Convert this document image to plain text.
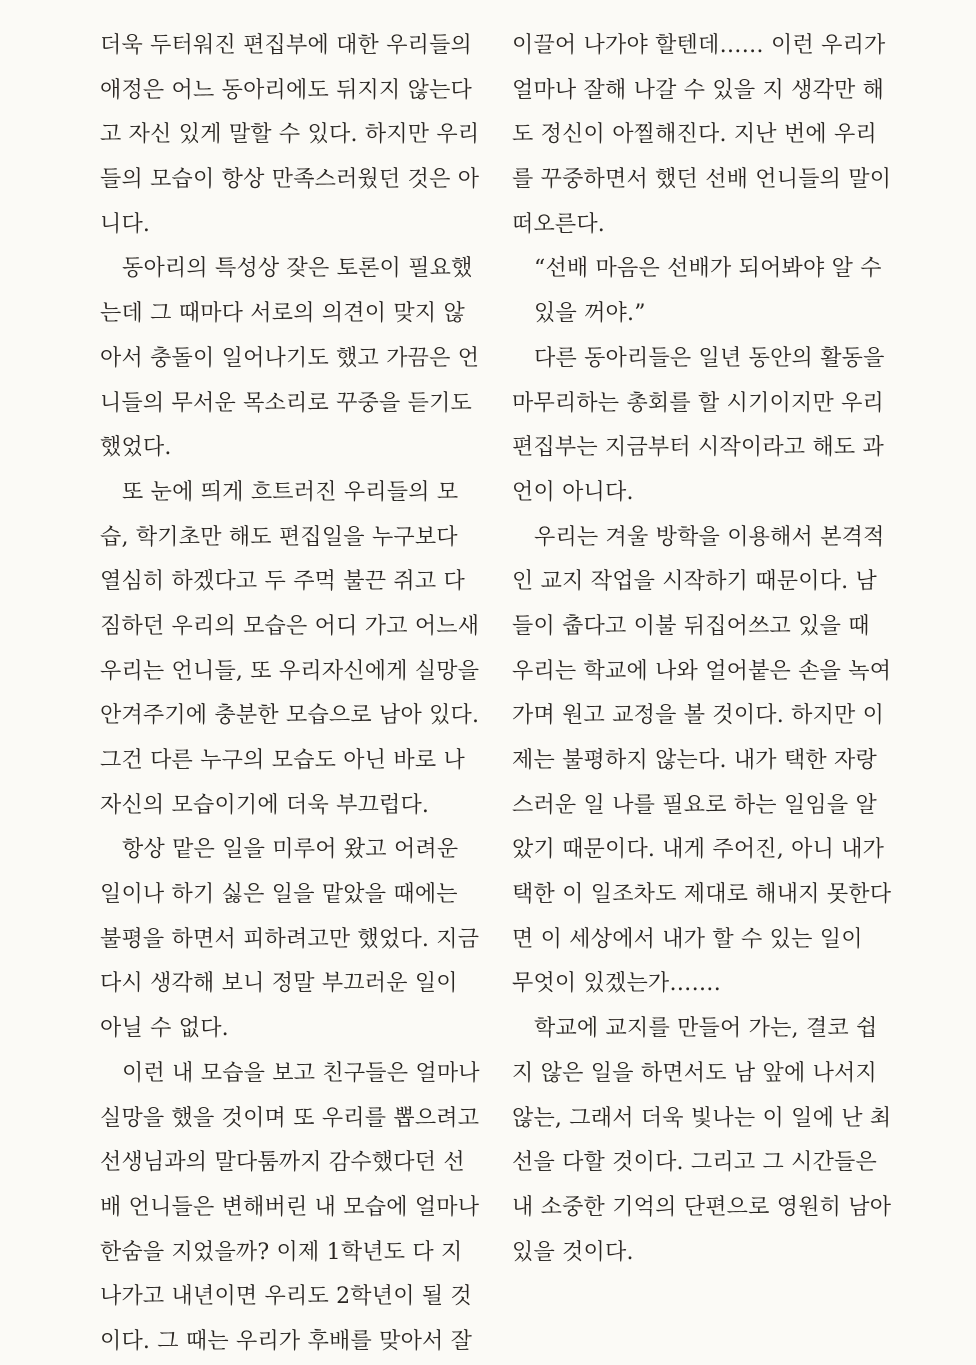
더욱 두터워진 편집부에 대한 우리들의
애정은 어느 동아리에도 뒤지지 않는다
고 자신 있게 말할 수 있다. 하지만 우리
들의 모습이 항상 만족스러웠던 것은 아
니다.
동아리의 특성상 잦은 토론이 필요했
는데 그 때마다 서로의 의견이 맞지 않
아서 충돌이 일어나기도 했고 가끔은 언
니들의 무서운 목소리로 꾸중을 듣기도
했었다.
또 눈에 띄게 흐트러진 우리들의 모
습, 학기초만 해도 편집일을 누구보다
열심히 하겠다고 두 주먹 불끈 쥐고 다
짐하던 우리의 모습은 어디 가고 어느새
우리는 언니들, 또 우리자신에게 실망을
안겨주기에 충분한 모습으로 남아 있다.
그건 다른 누구의 모습도 아닌 바로 나
자신의 모습이기에 더욱 부끄럽다.
항상 맡은 일을 미루어 왔고 어려운
일이나 하기 싫은 일을 맡았을 때에는
불평을 하면서 피하려고만 했었다. 지금
다시 생각해 보니 정말 부끄러운 일이
아닐 수 없다.
이런 내 모습을 보고 친구들은 얼마나
실망을 했을 것이며 또 우리를 뽑으려고
선생님과의 말다툼까지 감수했다던 선
배 언니들은 변해버린 내 모습에 얼마나
한숨을 지었을까? 이제 1학년도 다 지
나가고 내년이면 우리도 2학년이 될 것
이다. 그 때는 우리가 후배를 맞아서 잘
이끌어 나가야 할텐데…… 이런 우리가
얼마나 잘해 나갈 수 있을 지 생각만 해
도 정신이 아찔해진다. 지난 번에 우리
를 꾸중하면서 했던 선배 언니들의 말이
떠오른다.
“선배 마음은 선배가 되어봐야 알 수
있을 꺼야.”
다른 동아리들은 일년 동안의 활동을
마무리하는 총회를 할 시기이지만 우리
편집부는 지금부터 시작이라고 해도 과
언이 아니다.
우리는 겨울 방학을 이용해서 본격적
인 교지 작업을 시작하기 때문이다. 남
들이 춥다고 이불 뒤집어쓰고 있을 때
우리는 학교에 나와 얼어붙은 손을 녹여
가며 원고 교정을 볼 것이다. 하지만 이
제는 불평하지 않는다. 내가 택한 자랑
스러운 일 나를 필요로 하는 일임을 알
았기 때문이다. 내게 주어진, 아니 내가
택한 이 일조차도 제대로 해내지 못한다
면 이 세상에서 내가 할 수 있는 일이
무엇이 있겠는가…….
학교에 교지를 만들어 가는, 결코 쉽
지 않은 일을 하면서도 남 앞에 나서지
않는, 그래서 더욱 빛나는 이 일에 난 최
선을 다할 것이다. 그리고 그 시간들은
내 소중한 기억의 단편으로 영원히 남아
있을 것이다.
